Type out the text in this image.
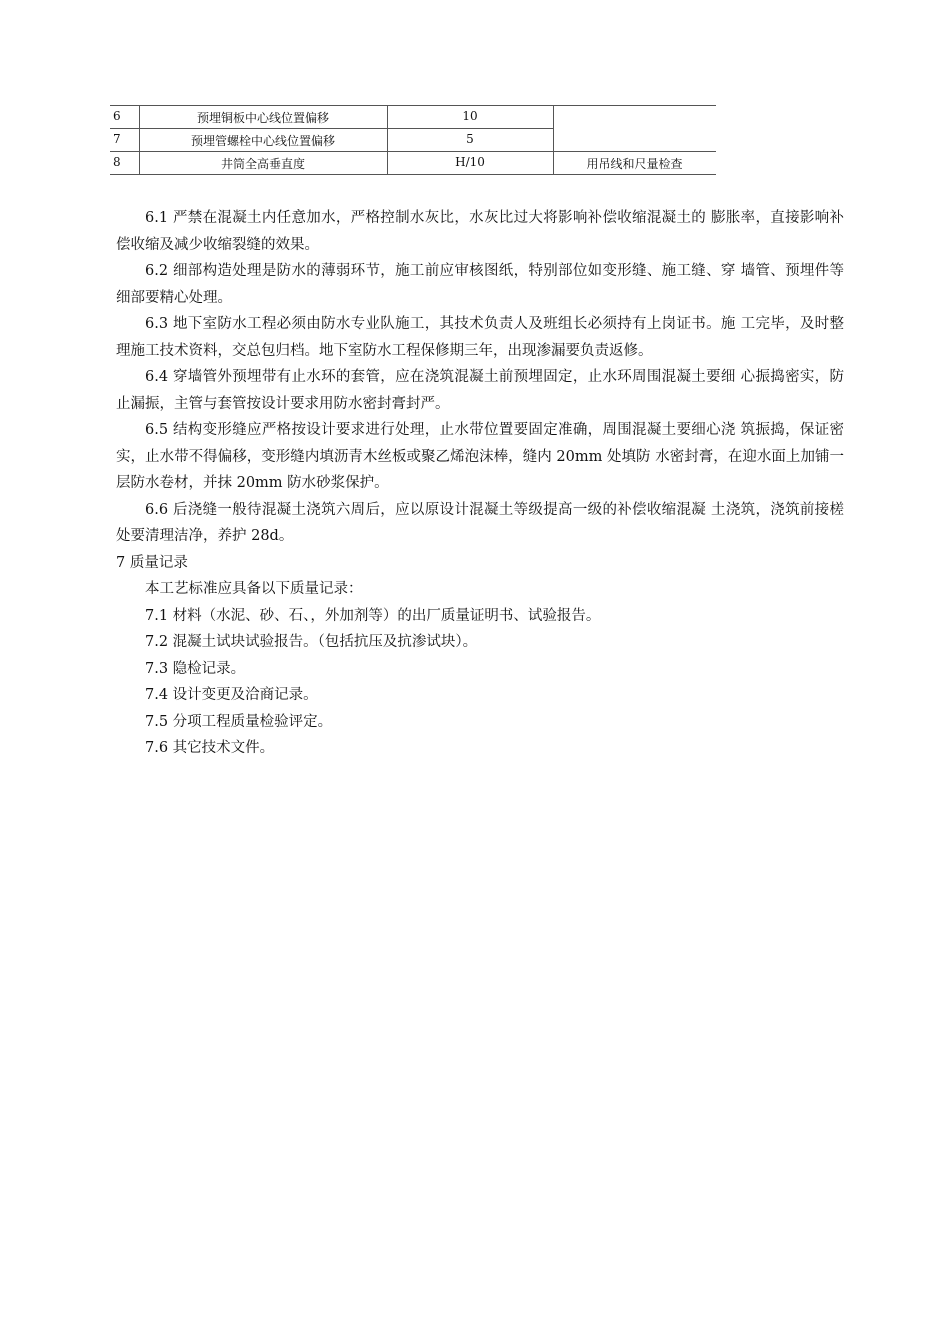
6	预埋铜板中心线位置偏移	10
7	预埋管螺栓中心线位置偏移	5
8	井筒全高垂直度	H/10	用吊线和尺量检查

6.1 严禁在混凝土内任意加水，严格控制水灰比，水灰比过大将影响补偿收缩混凝土的 膨胀率，直接影响补偿收缩及减少收缩裂缝的效果。

6.2 细部构造处理是防水的薄弱环节，施工前应审核图纸，特别部位如变形缝、施工缝、穿 墙管、预埋件等细部要精心处理。

6.3 地下室防水工程必须由防水专业队施工，其技术负责人及班组长必须持有上岗证书。施 工完毕，及时整理施工技术资料，交总包归档。地下室防水工程保修期三年，出现渗漏要负责返修。

6.4 穿墙管外预埋带有止水环的套管，应在浇筑混凝土前预埋固定，止水环周围混凝土要细 心振捣密实，防止漏振，主管与套管按设计要求用防水密封膏封严。

6.5 结构变形缝应严格按设计要求进行处理，止水带位置要固定准确，周围混凝土要细心浇 筑振捣，保证密实，止水带不得偏移，变形缝内填沥青木丝板或聚乙烯泡沫棒，缝内 20mm 处填防 水密封膏，在迎水面上加铺一层防水卷材，并抹 20mm 防水砂浆保护。

6.6 后浇缝一般待混凝土浇筑六周后，应以原设计混凝土等级提高一级的补偿收缩混凝 土浇筑，浇筑前接槎处要清理洁净，养护 28d。

7 质量记录

本工艺标准应具备以下质量记录：

7.1 材料（水泥、砂、石、，外加剂等）的出厂质量证明书、试验报告。

7.2 混凝土试块试验报告。（包括抗压及抗渗试块）。

7.3 隐检记录。

7.4 设计变更及洽商记录。

7.5 分项工程质量检验评定。

7.6 其它技术文件。
